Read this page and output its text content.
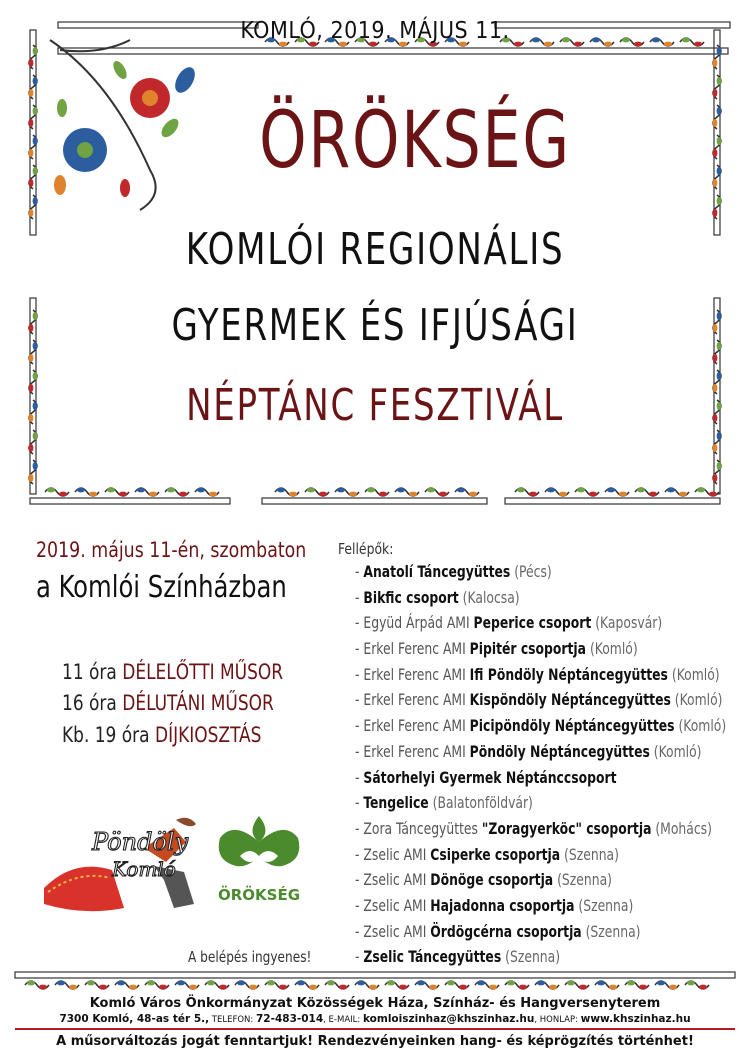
KOMLÓ, 2019. MÁJUS 11.
ÖRÖKSÉG
KOMLÓI REGIONÁLIS
GYERMEK ÉS IFJÚSÁGI
NÉPTÁNC FESZTIVÁL
2019. május 11-én, szombaton
a Komlói Színházban
11 óra DÉLELŐTTI MŰSOR
16 óra DÉLUTÁNI MŰSOR
Kb. 19 óra DÍJKIOSZTÁS
Fellépők:
- Anatolí Táncegyüttes (Pécs)
- Bikfic csoport (Kalocsa)
- Együd Árpád AMI Peperice csoport (Kaposvár)
- Erkel Ferenc AMI Pipitér csoportja (Komló)
- Erkel Ferenc AMI Ifi Pöndöly Néptáncegyüttes (Komló)
- Erkel Ferenc AMI Kispöndöly Néptáncegyüttes (Komló)
- Erkel Ferenc AMI Picipöndöly Néptáncegyüttes (Komló)
- Erkel Ferenc AMI Pöndöly Néptáncegyüttes (Komló)
- Sátorhelyi Gyermek Néptánccsoport
- Tengelice (Balatonföldvár)
- Zora Táncegyüttes "Zoragyerköc" csoportja (Mohács)
- Zselic AMI Csiperke csoportja (Szenna)
- Zselic AMI Dönöge csoportja (Szenna)
- Zselic AMI Hajadonna csoportja (Szenna)
- Zselic AMI Ördögcérna csoportja (Szenna)
- Zselic Táncegyüttes (Szenna)
Pöndöly
Komló
ÖRÖKSÉG
A belépés ingyenes!
Komló Város Önkormányzat Közösségek Háza, Színház- és Hangversenyterem
7300 Komló, 48-as tér 5., TELEFON: 72-483-014, E-MAIL: komloiszinhaz@khszinhaz.hu, HONLAP: www.khszinhaz.hu
A műsorváltozás jogát fenntartjuk! Rendezvényeinken hang- és képrögzítés történhet!
